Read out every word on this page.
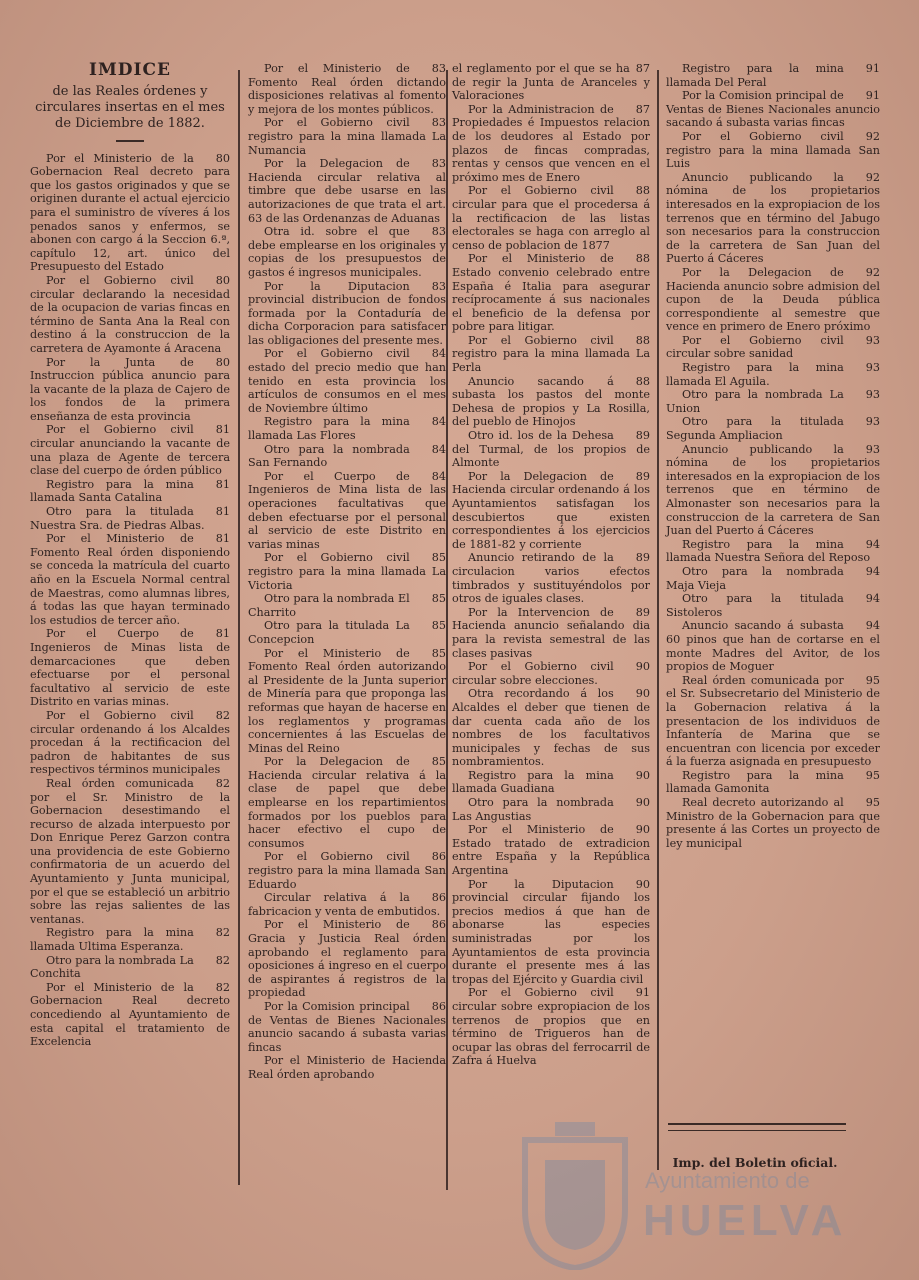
IMDICE
de las Reales órdenes y circulares insertas en el mes de Diciembre de 1882.

80
Por el Ministerio de la Gobernacion Real decreto para que los gastos originados y que se originen durante el actual ejercicio para el suministro de víveres á los penados sanos y enfermos, se abonen con cargo á la Seccion 6.ª, capítulo 12, art. único del Presupuesto del Estado

80
Por el Gobierno civil circular declarando la necesidad de la ocupacion de varias fincas en término de Santa Ana la Real con destino á la construccion de la carretera de Ayamonte á Aracena

80
Por la Junta de Instruccion pública anuncio para la vacante de la plaza de Cajero de los fondos de la primera enseñanza de esta provincia

81
Por el Gobierno civil circular anunciando la vacante de una plaza de Agente de tercera clase del cuerpo de órden público

81
Registro para la mina llamada Santa Catalina

81
Otro para la titulada Nuestra Sra. de Piedras Albas.

81
Por el Ministerio de Fomento Real órden disponiendo se conceda la matrícula del cuarto año en la Escuela Normal central de Maestras, como alumnas libres, á todas las que hayan terminado los estudios de tercer año.

81
Por el Cuerpo de Ingenieros de Minas lista de demarcaciones que deben efectuarse por el personal facultativo al servicio de este Distrito en varias minas.

82
Por el Gobierno civil circular ordenando á los Alcaldes procedan á la rectificacion del padron de habitantes de sus respectivos términos municipales

82
Real órden comunicada por el Sr. Ministro de la Gobernacion desestimando el recurso de alzada interpuesto por Don Enrique Perez Garzon contra una providencia de este Gobierno confirmatoria de un acuerdo del Ayuntamiento y Junta municipal, por el que se estableció un arbitrio sobre las rejas salientes de las ventanas.

82
Registro para la mina llamada Ultima Esperanza.

82
Otro para la nombrada La Conchita

82
Por el Ministerio de la Gobernacion Real decreto concediendo al Ayuntamiento de esta capital el tratamiento de Excelencia

83
Por el Ministerio de Fomento Real órden dictando disposiciones relativas al fomento y mejora de los montes públicos.

83
Por el Gobierno civil registro para la mina llamada La Numancia

83
Por la Delegacion de Hacienda circular relativa al timbre que debe usarse en las autorizaciones de que trata el art. 63 de las Ordenanzas de Aduanas

83
Otra id. sobre el que debe emplearse en los originales y copias de los presupuestos de gastos é ingresos municipales.

83
Por la Diputacion provincial distribucion de fondos formada por la Contaduría de dicha Corporacion para satisfacer las obligaciones del presente mes.

84
Por el Gobierno civil estado del precio medio que han tenido en esta provincia los artículos de consumos en el mes de Noviembre último

84
Registro para la mina llamada Las Flores

84
Otro para la nombrada San Fernando

84
Por el Cuerpo de Ingenieros de Mina lista de las operaciones facultativas que deben efectuarse por el personal al servicio de este Distrito en varias minas

85
Por el Gobierno civil registro para la mina llamada La Victoria

85
Otro para la nombrada El Charrito

85
Otro para la titulada La Concepcion

85
Por el Ministerio de Fomento Real órden autorizando al Presidente de la Junta superior de Minería para que proponga las reformas que hayan de hacerse en los reglamentos y programas concernientes á las Escuelas de Minas del Reino

85
Por la Delegacion de Hacienda circular relativa á la clase de papel que debe emplearse en los repartimientos formados por los pueblos para hacer efectivo el cupo de consumos

86
Por el Gobierno civil registro para la mina llamada San Eduardo

86
Circular relativa á la fabricacion y venta de embutidos.

86
Por el Ministerio de Gracia y Justicia Real órden aprobando el reglamento para oposiciones á ingreso en el cuerpo de aspirantes á registros de la propiedad

86
Por la Comision principal de Ventas de Bienes Nacionales anuncio sacando á subasta varias fincas

Por el Ministerio de Hacienda Real órden aprobando

87
el reglamento por el que se ha de regir la Junta de Aranceles y Valoraciones

87
Por la Administracion de Propiedades é Impuestos relacion de los deudores al Estado por plazos de fincas compradas, rentas y censos que vencen en el próximo mes de Enero

88
Por el Gobierno civil circular para que el procedersa á la rectificacion de las listas electorales se haga con arreglo al censo de poblacion de 1877

88
Por el Ministerio de Estado convenio celebrado entre España é Italia para asegurar recíprocamente á sus nacionales el beneficio de la defensa por pobre para litigar.

88
Por el Gobierno civil registro para la mina llamada La Perla

88
Anuncio sacando á subasta los pastos del monte Dehesa de propios y La Rosilla, del pueblo de Hinojos

89
Otro id. los de la Dehesa del Turmal, de los propios de Almonte

89
Por la Delegacion de Hacienda circular ordenando á los Ayuntamientos satisfagan los descubiertos que existen correspondientes á los ejercicios de 1881-82 y corriente

89
Anuncio retirando de la circulacion varios efectos timbrados y sustituyéndolos por otros de iguales clases.

89
Por la Intervencion de Hacienda anuncio señalando dia para la revista semestral de las clases pasivas

90
Por el Gobierno civil circular sobre elecciones.

90
Otra recordando á los Alcaldes el deber que tienen de dar cuenta cada año de los nombres de los facultativos municipales y fechas de sus nombramientos.

90
Registro para la mina llamada Guadiana

90
Otro para la nombrada Las Angustias

90
Por el Ministerio de Estado tratado de extradicion entre España y la República Argentina

90
Por la Diputacion provincial circular fijando los precios medios á que han de abonarse las especies suministradas por los Ayuntamientos de esta provincia durante el presente mes á las tropas del Ejército y Guardia civil

91
Por el Gobierno civil circular sobre expropiacion de los terrenos de propios que en término de Trigueros han de ocupar las obras del ferrocarril de Zafra á Huelva

91
Registro para la mina llamada Del Peral

91
Por la Comision principal de Ventas de Bienes Nacionales anuncio sacando á subasta varias fincas

92
Por el Gobierno civil registro para la mina llamada San Luis

92
Anuncio publicando la nómina de los propietarios interesados en la expropiacion de los terrenos que en término del Jabugo son necesarios para la construccion de la carretera de San Juan del Puerto á Cáceres

92
Por la Delegacion de Hacienda anuncio sobre admision del cupon de la Deuda pública correspondiente al semestre que vence en primero de Enero próximo

93
Por el Gobierno civil circular sobre sanidad

93
Registro para la mina llamada El Aguila.

93
Otro para la nombrada La Union

93
Otro para la titulada Segunda Ampliacion

93
Anuncio publicando la nómina de los propietarios interesados en la expropiacion de los terrenos que en término de Almonaster son necesarios para la construccion de la carretera de San Juan del Puerto á Cáceres

94
Registro para la mina llamada Nuestra Señora del Reposo

94
Otro para la nombrada Maja Vieja

94
Otro para la titulada Sistoleros

94
Anuncio sacando á subasta 60 pinos que han de cortarse en el monte Madres del Avitor, de los propios de Moguer

95
Real órden comunicada por el Sr. Subsecretario del Ministerio de la Gobernacion relativa á la presentacion de los individuos de Infantería de Marina que se encuentran con licencia por exceder á la fuerza asignada en presupuesto

95
Registro para la mina llamada Gamonita

95
Real decreto autorizando al Ministro de la Gobernacion para que presente á las Cortes un proyecto de ley municipal

Imp. del Boletin oficial.
Ayuntamiento de
HUELVA
